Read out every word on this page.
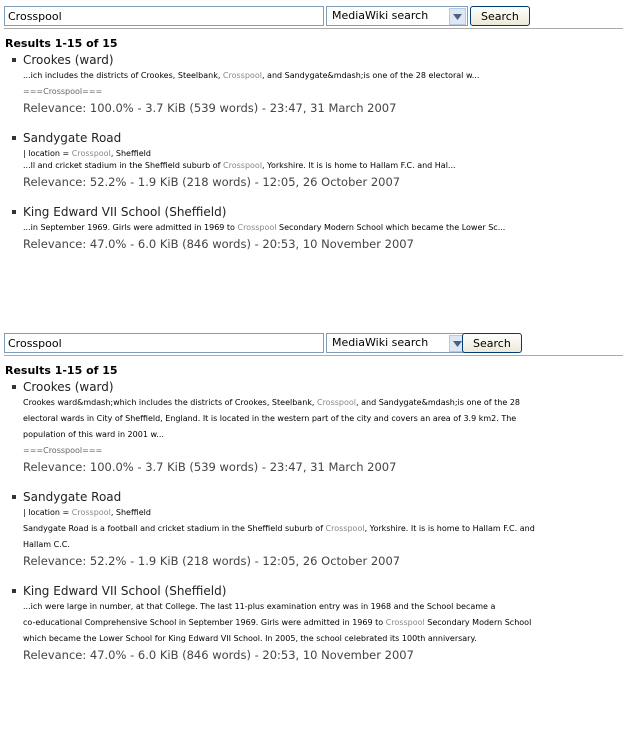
Crosspool
MediaWiki search	Search
Results 1-15 of 15
Crookes (ward)
...ich includes the districts of Crookes, Steelbank, Crosspool, and Sandygate&mdash;is one of the 28 electoral w...
===Crosspool===
Relevance: 100.0% - 3.7 KiB (539 words) - 23:47, 31 March 2007
Sandygate Road
| location = Crosspool, Sheffield
...ll and cricket stadium in the Sheffield suburb of Crosspool, Yorkshire. It is is home to Hallam F.C. and Hal...
Relevance: 52.2% - 1.9 KiB (218 words) - 12:05, 26 October 2007
King Edward VII School (Sheffield)
...in September 1969. Girls were admitted in 1969 to Crosspool Secondary Modern School which became the Lower Sc...
Relevance: 47.0% - 6.0 KiB (846 words) - 20:53, 10 November 2007
Crosspool
MediaWiki search	Search
Results 1-15 of 15
Crookes (ward)
Crookes ward&mdash;which includes the districts of Crookes, Steelbank, Crosspool, and Sandygate&mdash;is one of the 28
electoral wards in City of Sheffield, England. It is located in the western part of the city and covers an area of 3.9 km2. The
population of this ward in 2001 w...
===Crosspool===
Relevance: 100.0% - 3.7 KiB (539 words) - 23:47, 31 March 2007
Sandygate Road
| location = Crosspool, Sheffield
Sandygate Road is a football and cricket stadium in the Sheffield suburb of Crosspool, Yorkshire. It is is home to Hallam F.C. and
Hallam C.C.
Relevance: 52.2% - 1.9 KiB (218 words) - 12:05, 26 October 2007
King Edward VII School (Sheffield)
...ich were large in number, at that College. The last 11-plus examination entry was in 1968 and the School became a
co-educational Comprehensive School in September 1969. Girls were admitted in 1969 to Crosspool Secondary Modern School
which became the Lower School for King Edward VII School. In 2005, the school celebrated its 100th anniversary.
Relevance: 47.0% - 6.0 KiB (846 words) - 20:53, 10 November 2007
